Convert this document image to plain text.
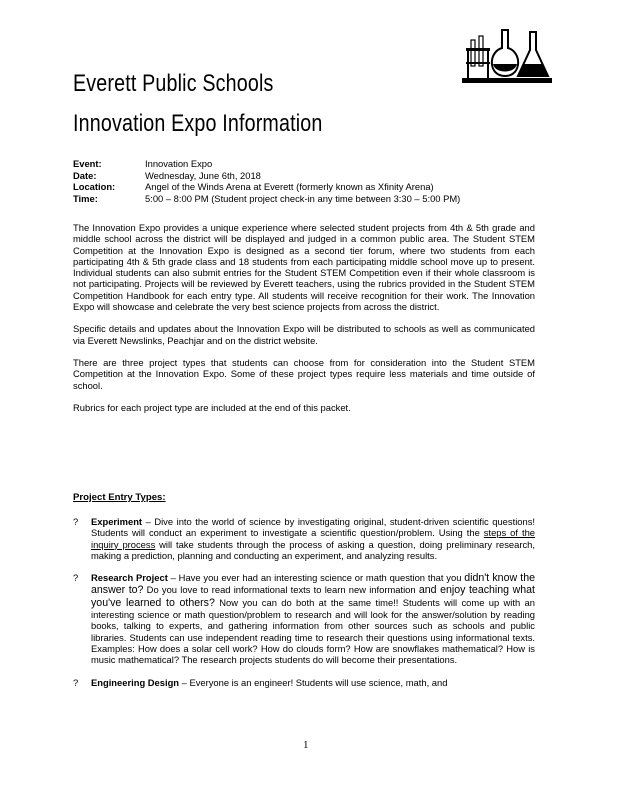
Everett Public Schools
Innovation Expo Information
Event:	Innovation Expo
Date:	Wednesday, June 6th, 2018
Location:	Angel of the Winds Arena at Everett (formerly known as Xfinity Arena)
Time:	5:00 – 8:00 PM (Student project check-in any time between 3:30 – 5:00 PM)

The Innovation Expo provides a unique experience where selected student projects from 4th & 5th grade and middle school across the district will be displayed and judged in a common public area. The Student STEM Competition at the Innovation Expo is designed as a second tier forum, where two students from each participating 4th & 5th grade class and 18 students from each participating middle school move up to present. Individual students can also submit entries for the Student STEM Competition even if their whole classroom is not participating. Projects will be reviewed by Everett teachers, using the rubrics provided in the Student STEM Competition Handbook for each entry type. All students will receive recognition for their work. The Innovation Expo will showcase and celebrate the very best science projects from across the district.

Specific details and updates about the Innovation Expo will be distributed to schools as well as communicated via Everett Newslinks, Peachjar and on the district website.

There are three project types that students can choose from for consideration into the Student STEM Competition at the Innovation Expo. Some of these project types require less materials and time outside of school.

Rubrics for each project type are included at the end of this packet.

Project Entry Types:
?	Experiment – Dive into the world of science by investigating original, student-driven scientific questions! Students will conduct an experiment to investigate a scientific question/problem. Using the steps of the inquiry process will take students through the process of asking a question, doing preliminary research, making a prediction, planning and conducting an experiment, and analyzing results.
?	Research Project – Have you ever had an interesting science or math question that you didn't know the answer to? Do you love to read informational texts to learn new information and enjoy teaching what you've learned to others? Now you can do both at the same time!! Students will come up with an interesting science or math question/problem to research and will look for the answer/solution by reading books, talking to experts, and gathering information from other sources such as schools and public libraries. Students can use independent reading time to research their questions using informational texts. Examples: How does a solar cell work? How do clouds form? How are snowflakes mathematical? How is music mathematical? The research projects students do will become their presentations.
?	Engineering Design – Everyone is an engineer! Students will use science, math, and
1
